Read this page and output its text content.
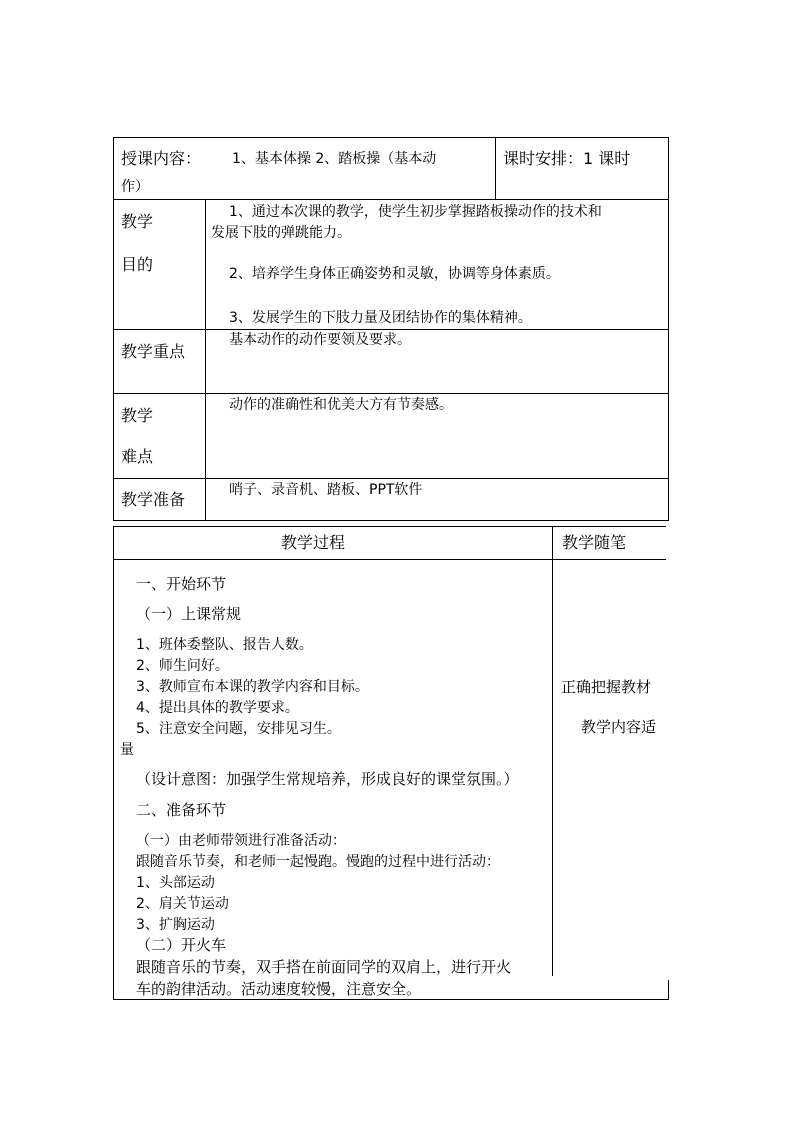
授课内容： 1、基本体操 2、踏板操（基本动
作）
课时安排：1 课时
教学
目的
1、通过本次课的教学，使学生初步掌握踏板操动作的技术和
发展下肢的弹跳能力。
2、培养学生身体正确姿势和灵敏，协调等身体素质。
3、发展学生的下肢力量及团结协作的集体精神。
教学重点
基本动作的动作要领及要求。
教学
难点
动作的准确性和优美大方有节奏感。
教学准备	哨子、录音机、踏板、PPT软件
教学过程	教学随笔
一、开始环节
（一）上课常规
1、班体委整队、报告人数。
2、师生问好。
3、教师宣布本课的教学内容和目标。
4、提出具体的教学要求。
5、注意安全问题，安排见习生。
量
（设计意图：加强学生常规培养，形成良好的课堂氛围。）
二、准备环节
（一）由老师带领进行准备活动：
跟随音乐节奏，和老师一起慢跑。慢跑的过程中进行活动：
1、头部运动
2、肩关节运动
3、扩胸运动
（二）开火车
跟随音乐的节奏，双手搭在前面同学的双肩上，进行开火
车的韵律活动。活动速度较慢，注意安全。
正确把握教材
教学内容适
